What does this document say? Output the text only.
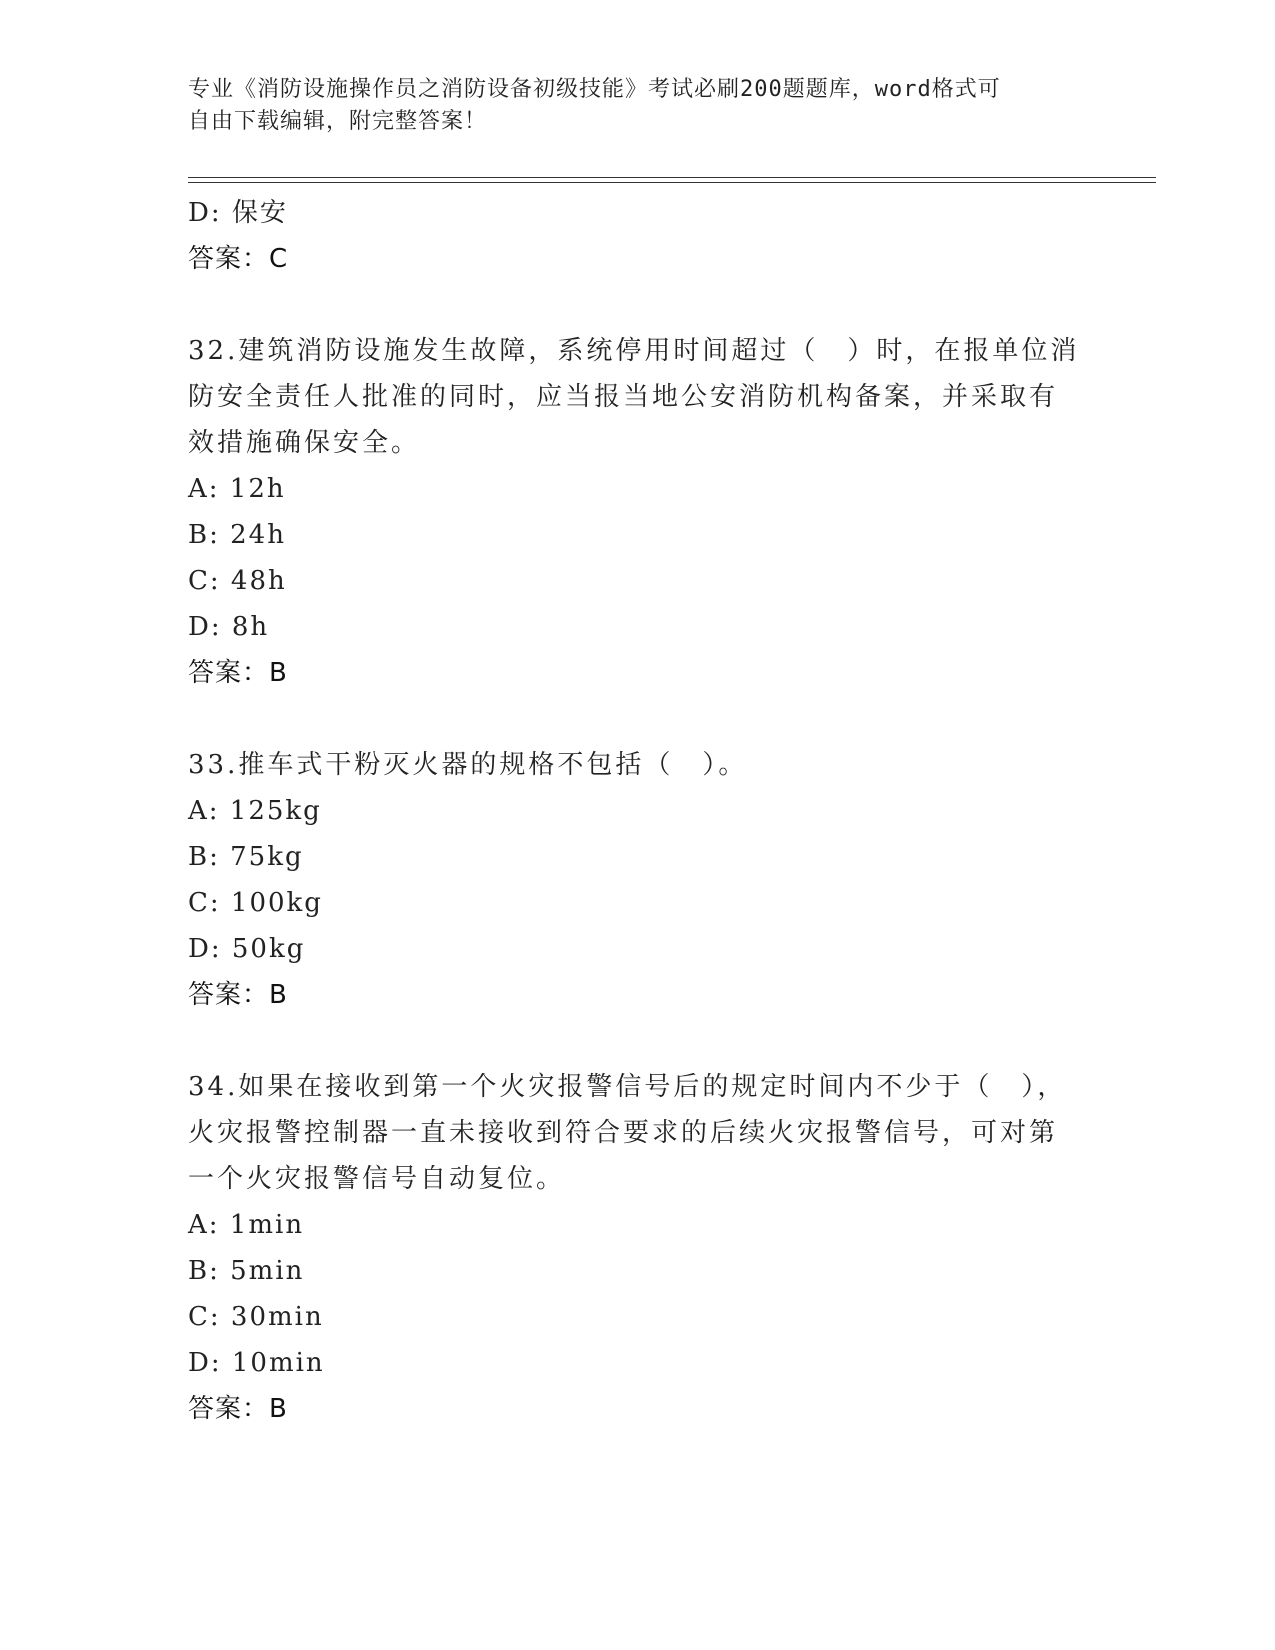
专业《消防设施操作员之消防设备初级技能》考试必刷200题题库，word格式可
自由下载编辑，附完整答案！
D: 保安
答案：C
32.建筑消防设施发生故障，系统停用时间超过（　）时，在报单位消
防安全责任人批准的同时，应当报当地公安消防机构备案，并采取有
效措施确保安全。
A: 12h
B: 24h
C: 48h
D: 8h
答案：B
33.推车式干粉灭火器的规格不包括（　）。
A: 125kg
B: 75kg
C: 100kg
D: 50kg
答案：B
34.如果在接收到第一个火灾报警信号后的规定时间内不少于（　），
火灾报警控制器一直未接收到符合要求的后续火灾报警信号，可对第
一个火灾报警信号自动复位。
A: 1min
B: 5min
C: 30min
D: 10min
答案：B
